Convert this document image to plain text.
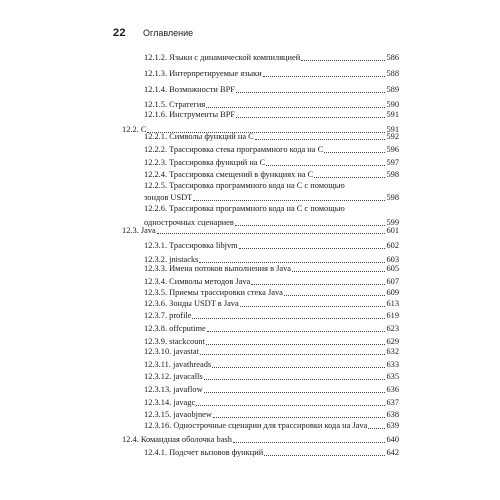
22	Оглавление
12.1.2. Языки с динамической компиляцией	586
12.1.3. Интерпретируемые языки	588
12.1.4. Возможности BPF	589
12.1.5. Стратегия	590
12.1.6. Инструменты BPF	591
12.2. C	591
12.2.1. Символы функций на C	592
12.2.2. Трассировка стека программного кода на C	596
12.2.3. Трассировка функций на C	597
12.2.4. Трассировка смещений в функциях на C	598
12.2.5. Трассировка программного кода на C с помощью
зондов USDT	598
12.2.6. Трассировка программного кода на C с помощью
однострочных сценариев	599
12.3. Java	601
12.3.1. Трассировка libjvm	602
12.3.2. jnistacks	603
12.3.3. Имена потоков выполнения в Java	605
12.3.4. Символы методов Java	607
12.3.5. Приемы трассировки стека Java	609
12.3.6. Зонды USDT в Java	613
12.3.7. profile	619
12.3.8. offcputime	623
12.3.9. stackcount	629
12.3.10. javastat	632
12.3.11. javathreads	633
12.3.12. javacalls	635
12.3.13. javaflow	636
12.3.14. javagc	637
12.3.15. javaobjnew	638
12.3.16. Однострочные сценарии для трассировки кода на Java 639
12.4. Командная оболочка bash	640
12.4.1. Подсчет вызовов функций	642
